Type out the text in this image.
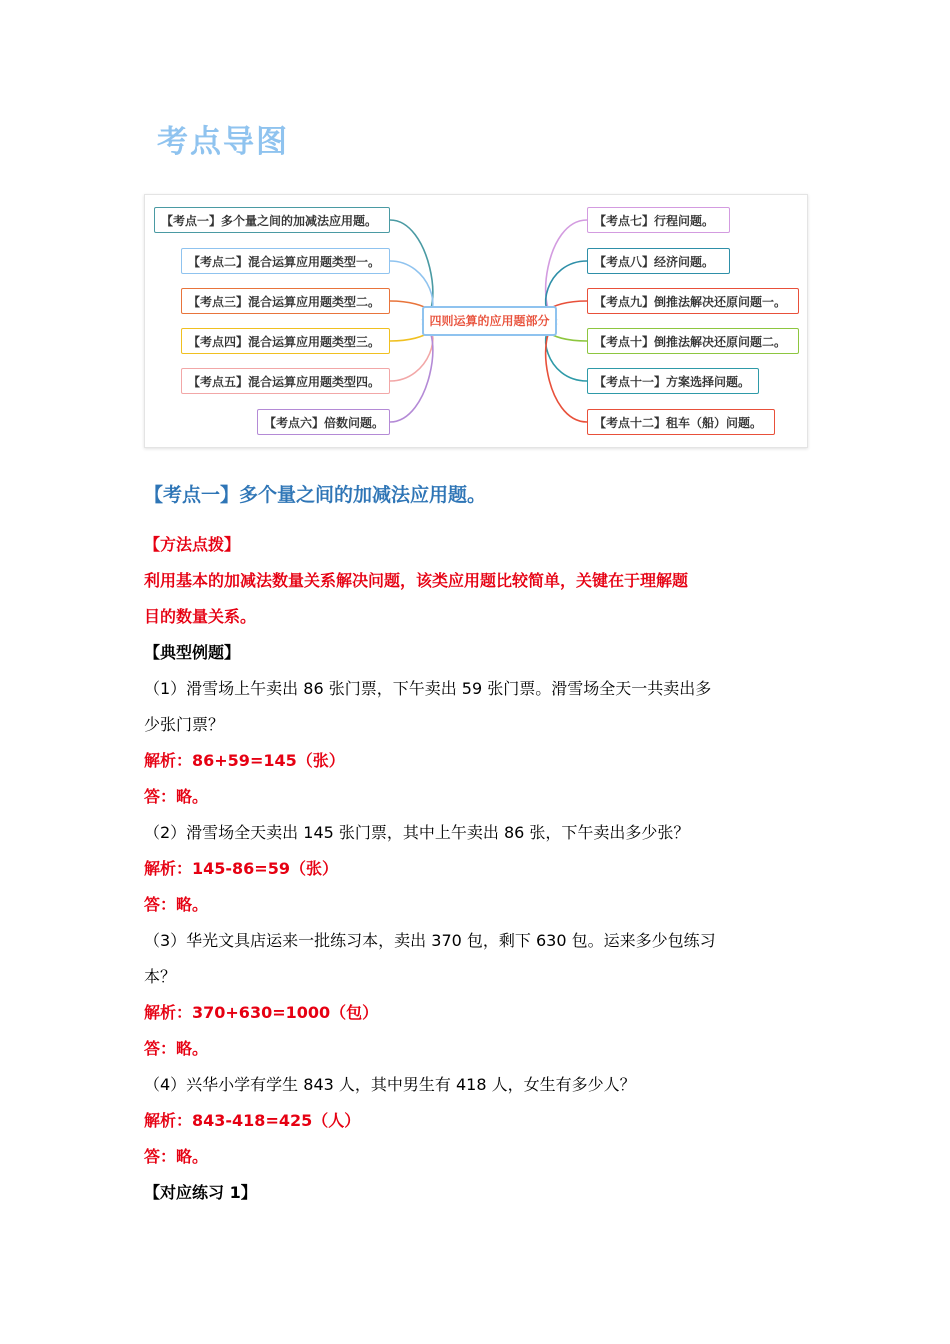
考点导图
四则运算的应用题部分
【考点一】多个量之间的加减法应用题。
【考点二】混合运算应用题类型一。
【考点三】混合运算应用题类型二。
【考点四】混合运算应用题类型三。
【考点五】混合运算应用题类型四。
【考点六】倍数问题。
【考点七】行程问题。
【考点八】经济问题。
【考点九】倒推法解决还原问题一。
【考点十】倒推法解决还原问题二。
【考点十一】方案选择问题。
【考点十二】租车（船）问题。
【考点一】多个量之间的加减法应用题。
【方法点拨】
利用基本的加减法数量关系解决问题，该类应用题比较简单，关键在于理解题
目的数量关系。
【典型例题】
（1）滑雪场上午卖出 86 张门票，下午卖出 59 张门票。滑雪场全天一共卖出多
少张门票？
解析：86+59=145（张）
答：略。
（2）滑雪场全天卖出 145 张门票，其中上午卖出 86 张，下午卖出多少张？
解析：145-86=59（张）
答：略。
（3）华光文具店运来一批练习本，卖出 370 包，剩下 630 包。运来多少包练习
本？
解析：370+630=1000（包）
答：略。
（4）兴华小学有学生 843 人，其中男生有 418 人，女生有多少人？
解析：843-418=425（人）
答：略。
【对应练习 1】
